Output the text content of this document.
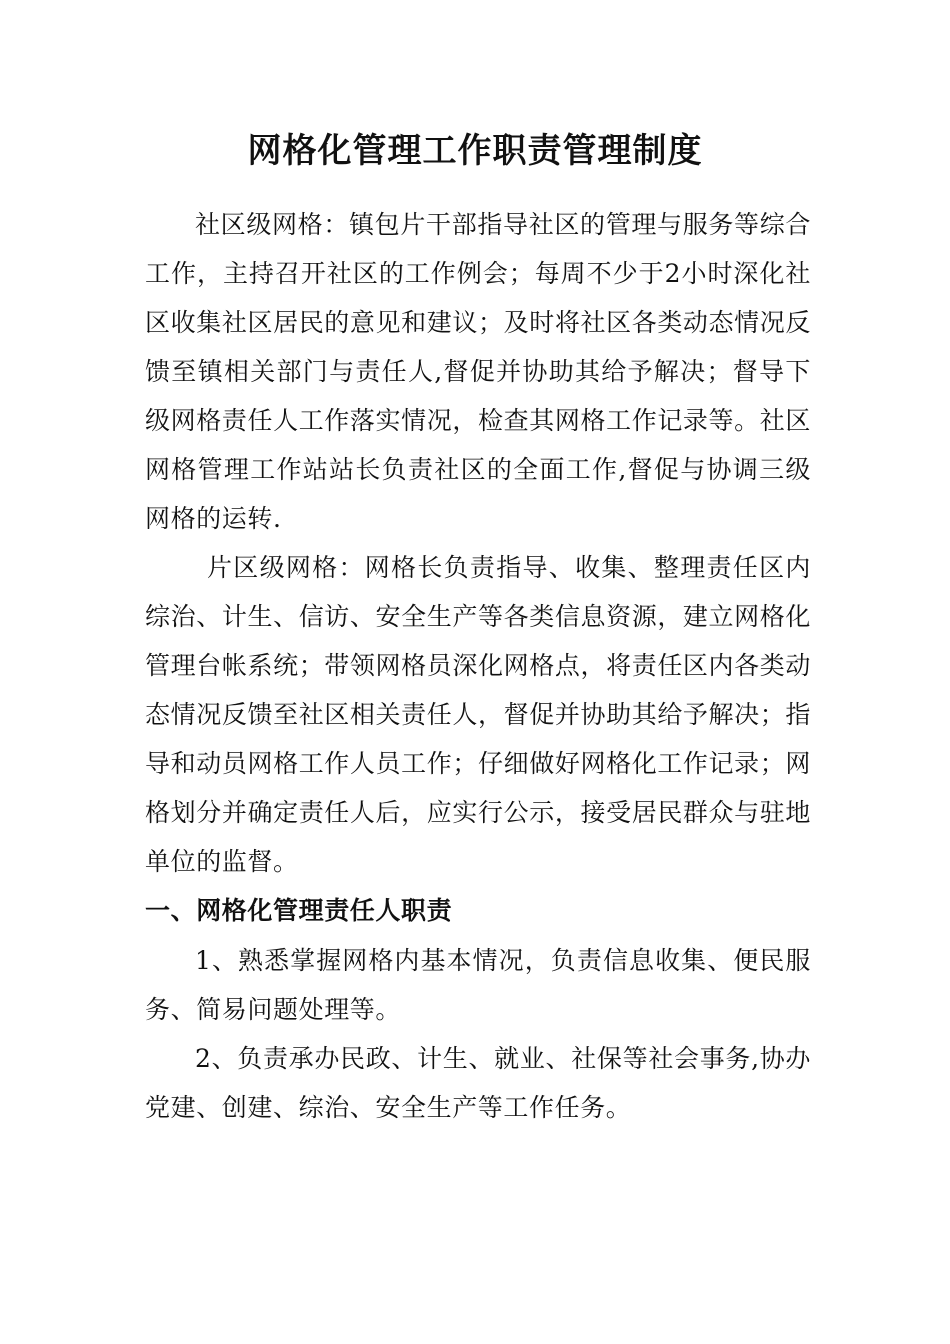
网格化管理工作职责管理制度

社区级网格：镇包片干部指导社区的管理与服务等综合工作，主持召开社区的工作例会；每周不少于2小时深化社区收集社区居民的意见和建议；及时将社区各类动态情况反馈至镇相关部门与责任人,督促并协助其给予解决；督导下级网格责任人工作落实情况，检查其网格工作记录等。社区网格管理工作站站长负责社区的全面工作,督促与协调三级网格的运转.

片区级网格：网格长负责指导、收集、整理责任区内综治、计生、信访、安全生产等各类信息资源，建立网格化管理台帐系统；带领网格员深化网格点，将责任区内各类动态情况反馈至社区相关责任人，督促并协助其给予解决；指导和动员网格工作人员工作；仔细做好网格化工作记录；网格划分并确定责任人后，应实行公示，接受居民群众与驻地单位的监督。

一、网格化管理责任人职责

1、熟悉掌握网格内基本情况，负责信息收集、便民服务、简易问题处理等。

2、负责承办民政、计生、就业、社保等社会事务,协办党建、创建、综治、安全生产等工作任务。
